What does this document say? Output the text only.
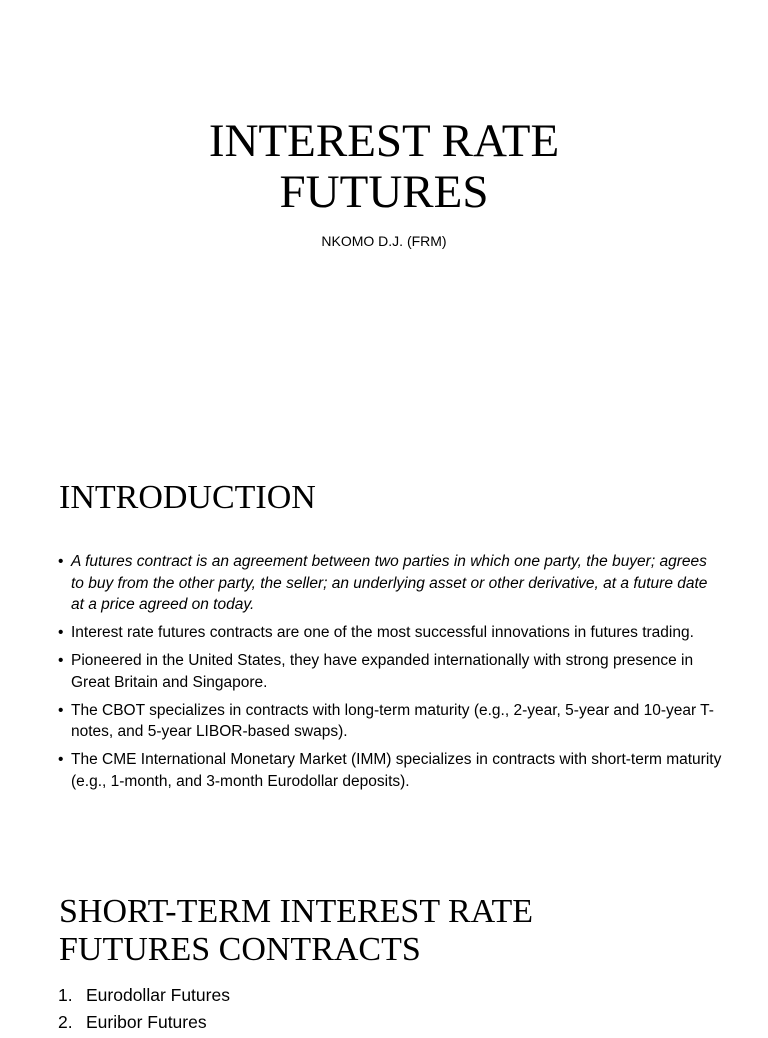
INTEREST RATE
FUTURES
NKOMO D.J. (FRM)
INTRODUCTION
• A futures contract is an agreement between two parties in which one party, the buyer; agrees to buy from the other party, the seller; an underlying asset or other derivative, at a future date at a price agreed on today.
• Interest rate futures contracts are one of the most successful innovations in futures trading.
• Pioneered in the United States, they have expanded internationally with strong presence in Great Britain and Singapore.
• The CBOT specializes in contracts with long-term maturity (e.g., 2-year, 5-year and 10-year T-notes, and 5-year LIBOR-based swaps).
• The CME International Monetary Market (IMM) specializes in contracts with short-term maturity (e.g., 1-month, and 3-month Eurodollar deposits).
SHORT-TERM INTEREST RATE
FUTURES CONTRACTS
1. Eurodollar Futures
2. Euribor Futures
